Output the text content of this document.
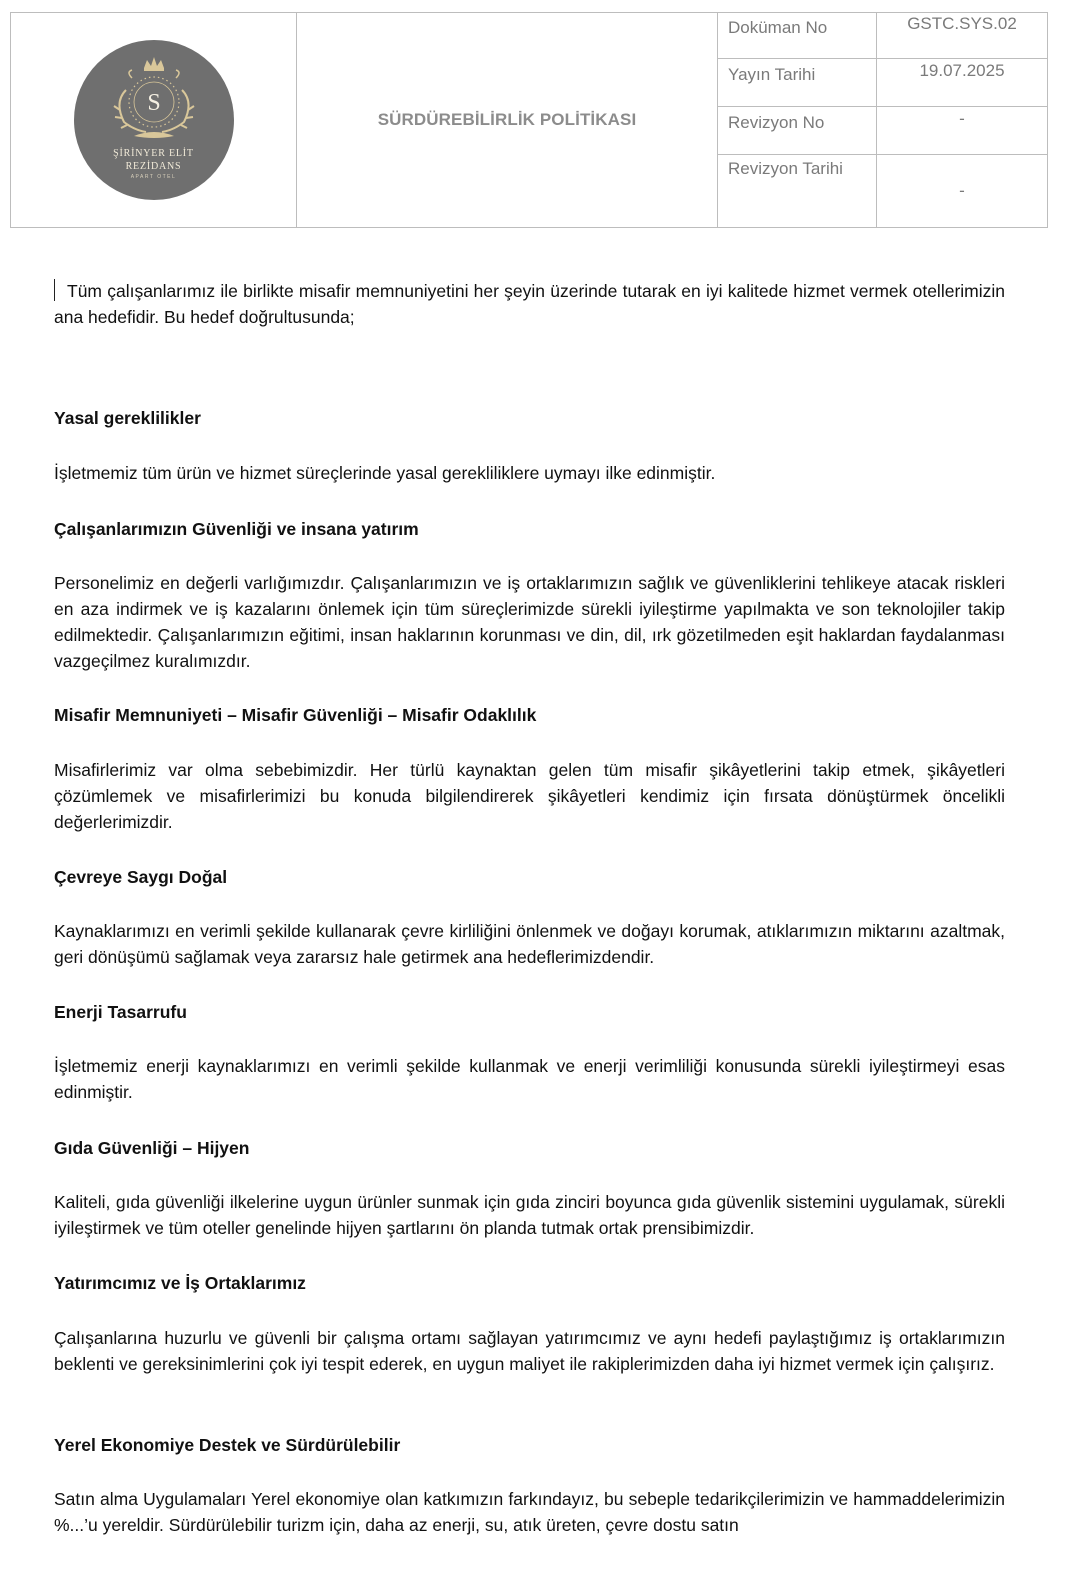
S
ŞİRİNYER ELİT
REZİDANS
APART OTEL	SÜRDÜREBİLİRLİK POLİTİKASI	Doküman No	GSTC.SYS.02
		Yayın Tarihi	19.07.2025
		Revizyon No	-
		Revizyon Tarihi	-

Tüm çalışanlarımız ile birlikte misafir memnuniyetini her şeyin üzerinde tutarak en iyi kalitede hizmet vermek otellerimizin ana hedefidir. Bu hedef doğrultusunda;

Yasal gereklilikler

İşletmemiz tüm ürün ve hizmet süreçlerinde yasal gerekliliklere uymayı ilke edinmiştir.

Çalışanlarımızın Güvenliği ve insana yatırım

Personelimiz en değerli varlığımızdır. Çalışanlarımızın ve iş ortaklarımızın sağlık ve güvenliklerini tehlikeye atacak riskleri en aza indirmek ve iş kazalarını önlemek için tüm süreçlerimizde sürekli iyileştirme yapılmakta ve son teknolojiler takip edilmektedir. Çalışanlarımızın eğitimi, insan haklarının korunması ve din, dil, ırk gözetilmeden eşit haklardan faydalanması vazgeçilmez kuralımızdır.

Misafir Memnuniyeti – Misafir Güvenliği – Misafir Odaklılık

Misafirlerimiz var olma sebebimizdir. Her türlü kaynaktan gelen tüm misafir şikâyetlerini takip etmek, şikâyetleri çözümlemek ve misafirlerimizi bu konuda bilgilendirerek şikâyetleri kendimiz için fırsata dönüştürmek öncelikli değerlerimizdir.

Çevreye Saygı Doğal

Kaynaklarımızı en verimli şekilde kullanarak çevre kirliliğini önlenmek ve doğayı korumak, atıklarımızın miktarını azaltmak, geri dönüşümü sağlamak veya zararsız hale getirmek ana hedeflerimizdendir.

Enerji Tasarrufu

İşletmemiz enerji kaynaklarımızı en verimli şekilde kullanmak ve enerji verimliliği konusunda sürekli iyileştirmeyi esas edinmiştir.

Gıda Güvenliği – Hijyen

Kaliteli, gıda güvenliği ilkelerine uygun ürünler sunmak için gıda zinciri boyunca gıda güvenlik sistemini uygulamak, sürekli iyileştirmek ve tüm oteller genelinde hijyen şartlarını ön planda tutmak ortak prensibimizdir.

Yatırımcımız ve İş Ortaklarımız

Çalışanlarına huzurlu ve güvenli bir çalışma ortamı sağlayan yatırımcımız ve aynı hedefi paylaştığımız iş ortaklarımızın beklenti ve gereksinimlerini çok iyi tespit ederek, en uygun maliyet ile rakiplerimizden daha iyi hizmet vermek için çalışırız.

Yerel Ekonomiye Destek ve Sürdürülebilir

Satın alma Uygulamaları Yerel ekonomiye olan katkımızın farkındayız, bu sebeple tedarikçilerimizin ve hammaddelerimizin %...’u yereldir. Sürdürülebilir turizm için, daha az enerji, su, atık üreten, çevre dostu satın
